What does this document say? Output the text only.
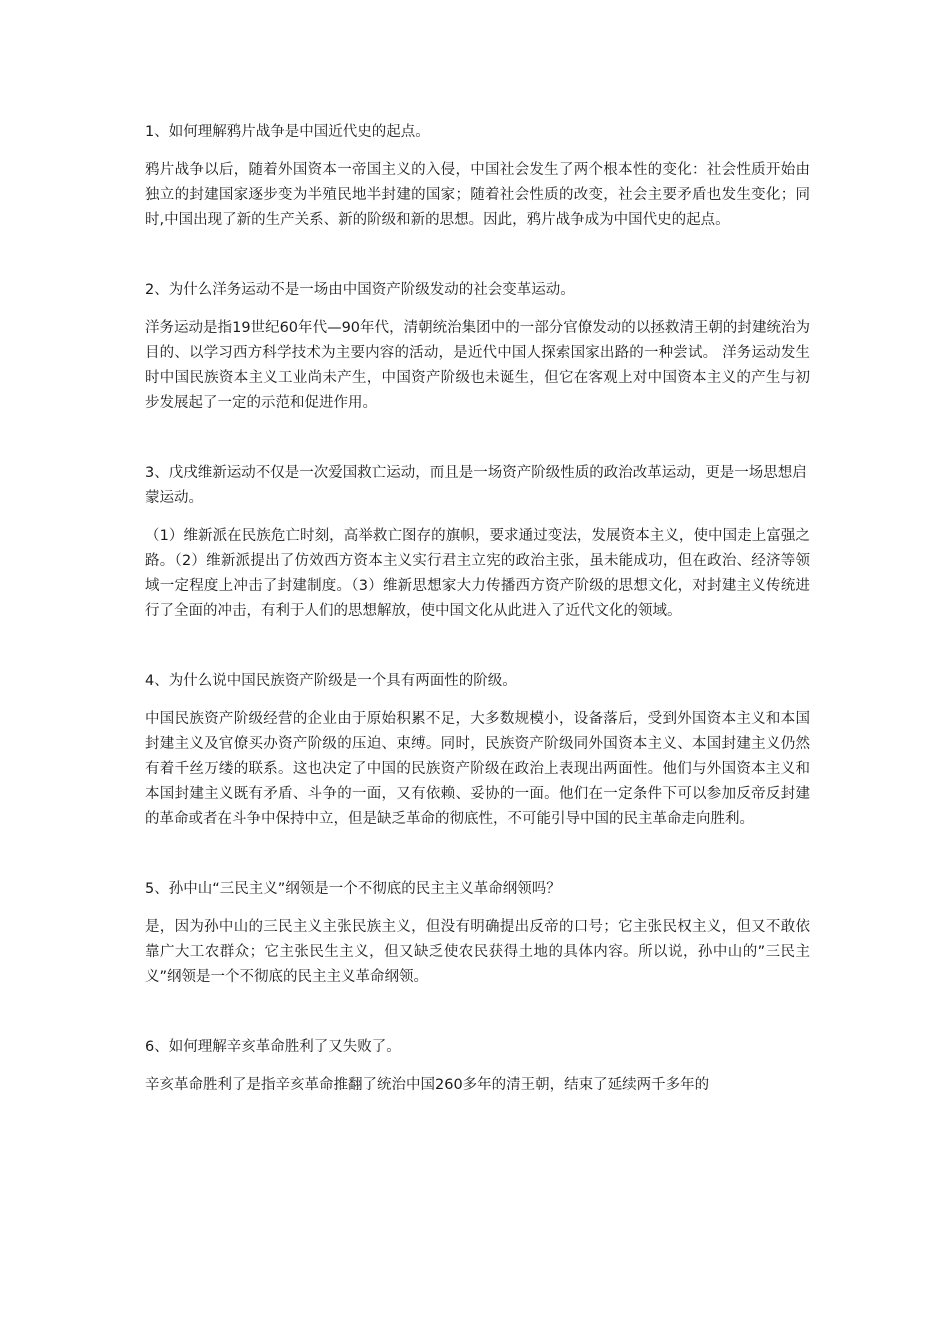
1、如何理解鸦片战争是中国近代史的起点。

鸦片战争以后，随着外国资本一帝国主义的入侵，中国社会发生了两个根本性的变化：社会性质开始由独立的封建国家逐步变为半殖民地半封建的国家；随着社会性质的改变，社会主要矛盾也发生变化；同时,中国出现了新的生产关系、新的阶级和新的思想。因此，鸦片战争成为中国代史的起点。

2、为什么洋务运动不是一场由中国资产阶级发动的社会变革运动。

洋务运动是指19世纪60年代—90年代，清朝统治集团中的一部分官僚发动的以拯救清王朝的封建统治为目的、以学习西方科学技术为主要内容的活动，是近代中国人探索国家出路的一种尝试。 洋务运动发生时中国民族资本主义工业尚未产生，中国资产阶级也未诞生，但它在客观上对中国资本主义的产生与初步发展起了一定的示范和促进作用。

3、戊戌维新运动不仅是一次爱国救亡运动，而且是一场资产阶级性质的政治改革运动，更是一场思想启蒙运动。

（1）维新派在民族危亡时刻，高举救亡图存的旗帜，要求通过变法，发展资本主义，使中国走上富强之路。（2）维新派提出了仿效西方资本主义实行君主立宪的政治主张，虽未能成功，但在政治、经济等领域一定程度上冲击了封建制度。（3）维新思想家大力传播西方资产阶级的思想文化，对封建主义传统进行了全面的冲击，有利于人们的思想解放，使中国文化从此进入了近代文化的领域。

4、为什么说中国民族资产阶级是一个具有两面性的阶级。

中国民族资产阶级经营的企业由于原始积累不足，大多数规模小，设备落后，受到外国资本主义和本国封建主义及官僚买办资产阶级的压迫、束缚。同时，民族资产阶级同外国资本主义、本国封建主义仍然有着千丝万缕的联系。这也决定了中国的民族资产阶级在政治上表现出两面性。他们与外国资本主义和本国封建主义既有矛盾、斗争的一面，又有依赖、妥协的一面。他们在一定条件下可以参加反帝反封建的革命或者在斗争中保持中立，但是缺乏革命的彻底性，不可能引导中国的民主革命走向胜利。

5、孙中山“三民主义”纲领是一个不彻底的民主主义革命纲领吗？

是，因为孙中山的三民主义主张民族主义，但没有明确提出反帝的口号；它主张民权主义，但又不敢依靠广大工农群众；它主张民生主义，但又缺乏使农民获得土地的具体内容。所以说，孙中山的”三民主义”纲领是一个不彻底的民主主义革命纲领。

6、如何理解辛亥革命胜利了又失败了。

辛亥革命胜利了是指辛亥革命推翻了统治中国260多年的清王朝，结束了延续两千多年的
